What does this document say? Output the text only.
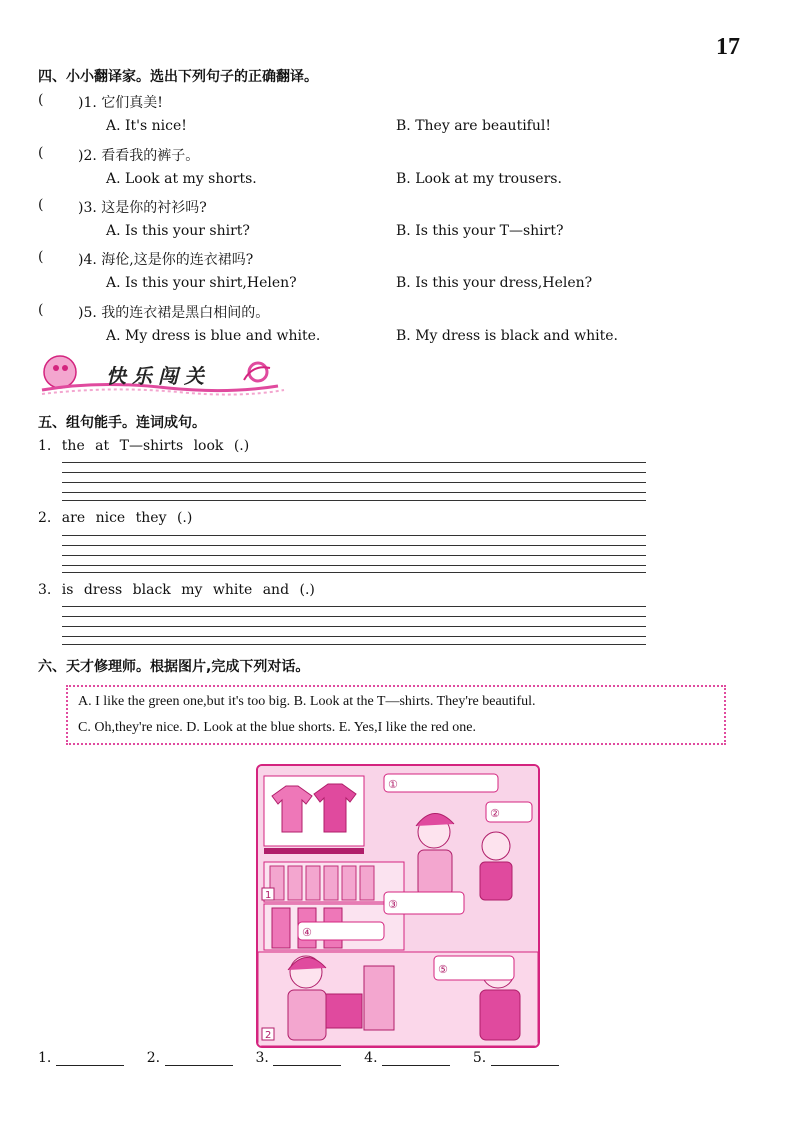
17
四、小小翻译家。选出下列句子的正确翻译。
( )1. 它们真美!
A. It's nice!	B. They are beautiful!
( )2. 看看我的裤子。
A. Look at my shorts.	B. Look at my trousers.
( )3. 这是你的衬衫吗?
A. Is this your shirt?	B. Is this your T—shirt?
( )4. 海伦,这是你的连衣裙吗?
A. Is this your shirt,Helen?	B. Is this your dress,Helen?
( )5. 我的连衣裙是黑白相间的。
A. My dress is blue and white.	B. My dress is black and white.
快乐闯关
五、组句能手。连词成句。
1. the at T—shirts look (.)
2. are nice they (.)
3. is dress black my white and (.)
六、天才修理师。根据图片,完成下列对话。
A. I like the green one,but it's too big. B. Look at the T—shirts. They're beautiful.
C. Oh,they're nice. D. Look at the blue shorts. E. Yes,I like the red one.
①
②
③
④
⑤
1
2
1.	2.	3.	4.	5.
